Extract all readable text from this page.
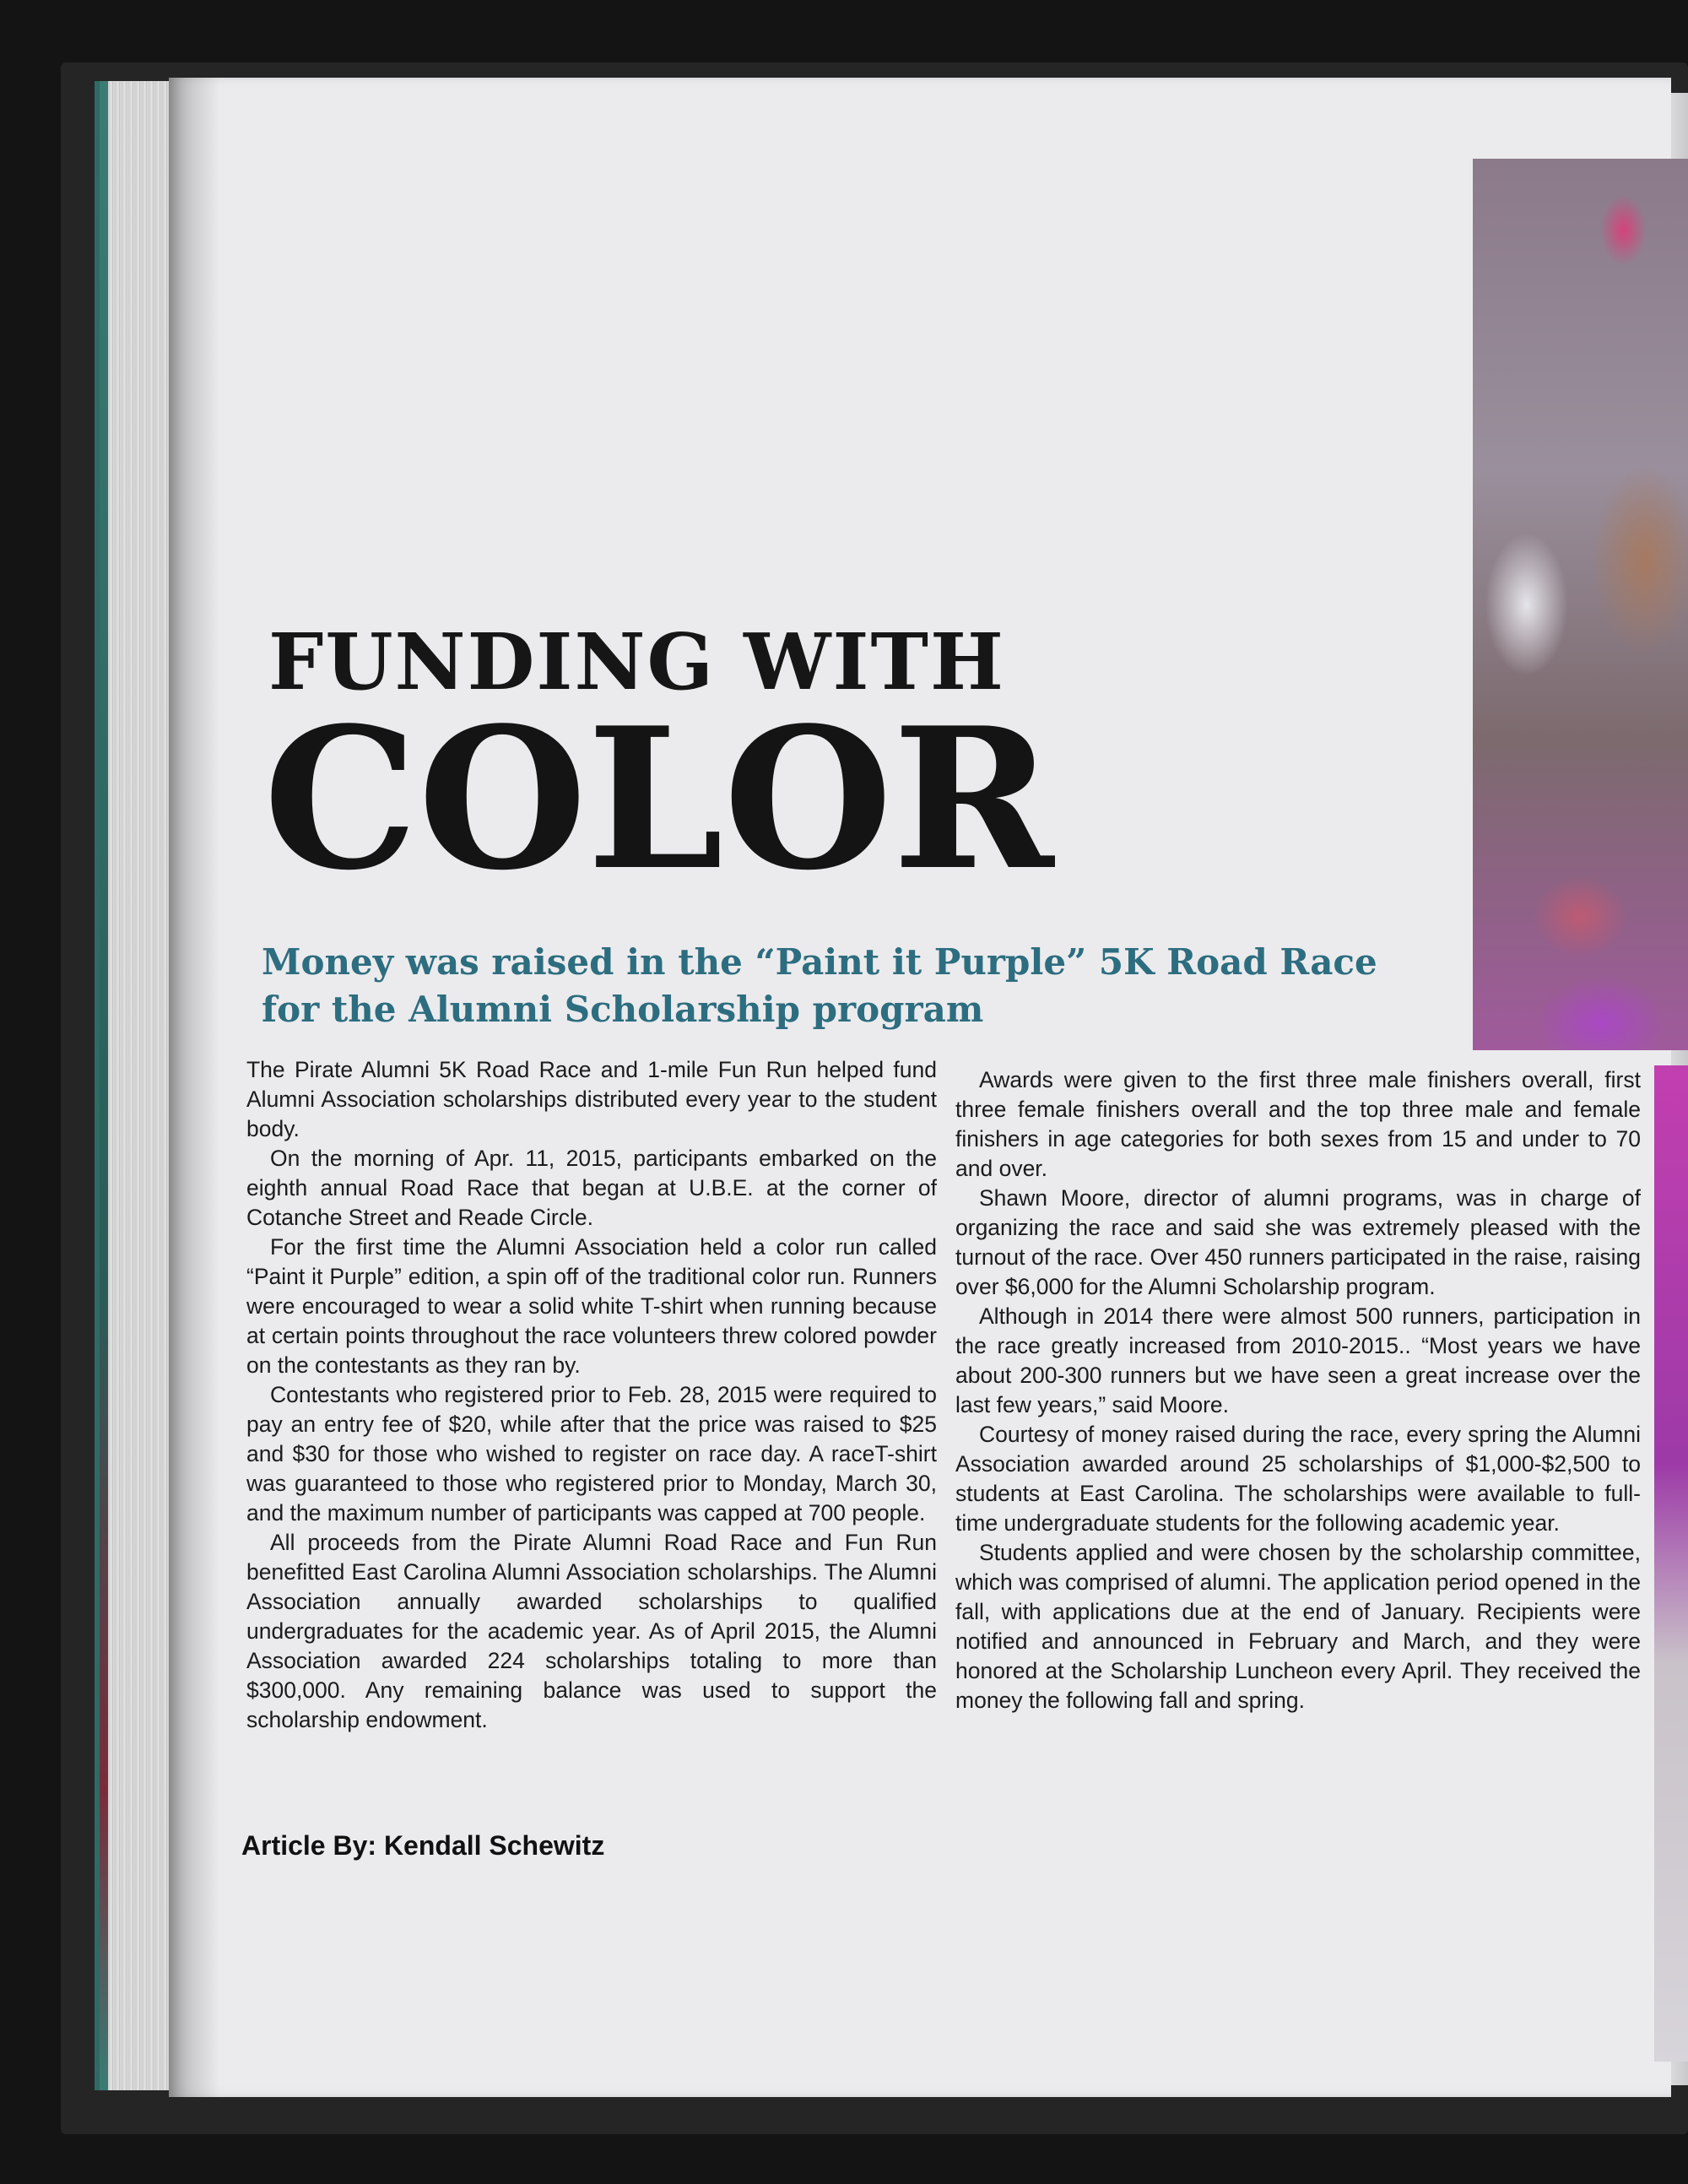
FUNDING WITH
COLOR
Money was raised in the “Paint it Purple” 5K Road Race for the Alumni Scholarship program

The Pirate Alumni 5K Road Race and 1-mile Fun Run helped fund Alumni Association scholarships distributed every year to the student body.

On the morning of Apr. 11, 2015, participants embarked on the eighth annual Road Race that began at U.B.E. at the corner of Cotanche Street and Reade Circle.

For the first time the Alumni Association held a color run called “Paint it Purple” edition, a spin off of the traditional color run. Runners were encouraged to wear a solid white T-shirt when running because at certain points throughout the race volunteers threw colored powder on the contestants as they ran by.

Contestants who registered prior to Feb. 28, 2015 were required to pay an entry fee of $20, while after that the price was raised to $25 and $30 for those who wished to register on race day. A raceT-shirt was guaranteed to those who registered prior to Monday, March 30, and the maximum number of participants was capped at 700 people.

All proceeds from the Pirate Alumni Road Race and Fun Run benefitted East Carolina Alumni Association scholarships. The Alumni Association annually awarded scholarships to qualified undergraduates for the academic year. As of April 2015, the Alumni Association awarded 224 scholarships totaling to more than $300,000. Any remaining balance was used to support the scholarship endowment.

Awards were given to the first three male finishers overall, first three female finishers overall and the top three male and female finishers in age categories for both sexes from 15 and under to 70 and over.

Shawn Moore, director of alumni programs, was in charge of organizing the race and said she was extremely pleased with the turnout of the race. Over 450 runners participated in the raise, raising over $6,000 for the Alumni Scholarship program.

Although in 2014 there were almost 500 runners, participation in the race greatly increased from 2010-2015.. “Most years we have about 200-300 runners but we have seen a great increase over the last few years,” said Moore.

Courtesy of money raised during the race, every spring the Alumni Association awarded around 25 scholarships of $1,000-$2,500 to students at East Carolina. The scholarships were available to full-time undergraduate students for the following academic year.

Students applied and were chosen by the scholarship committee, which was comprised of alumni. The application period opened in the fall, with applications due at the end of January. Recipients were notified and announced in February and March, and they were honored at the Scholarship Luncheon every April. They received the money the following fall and spring.

Article By: Kendall Schewitz
